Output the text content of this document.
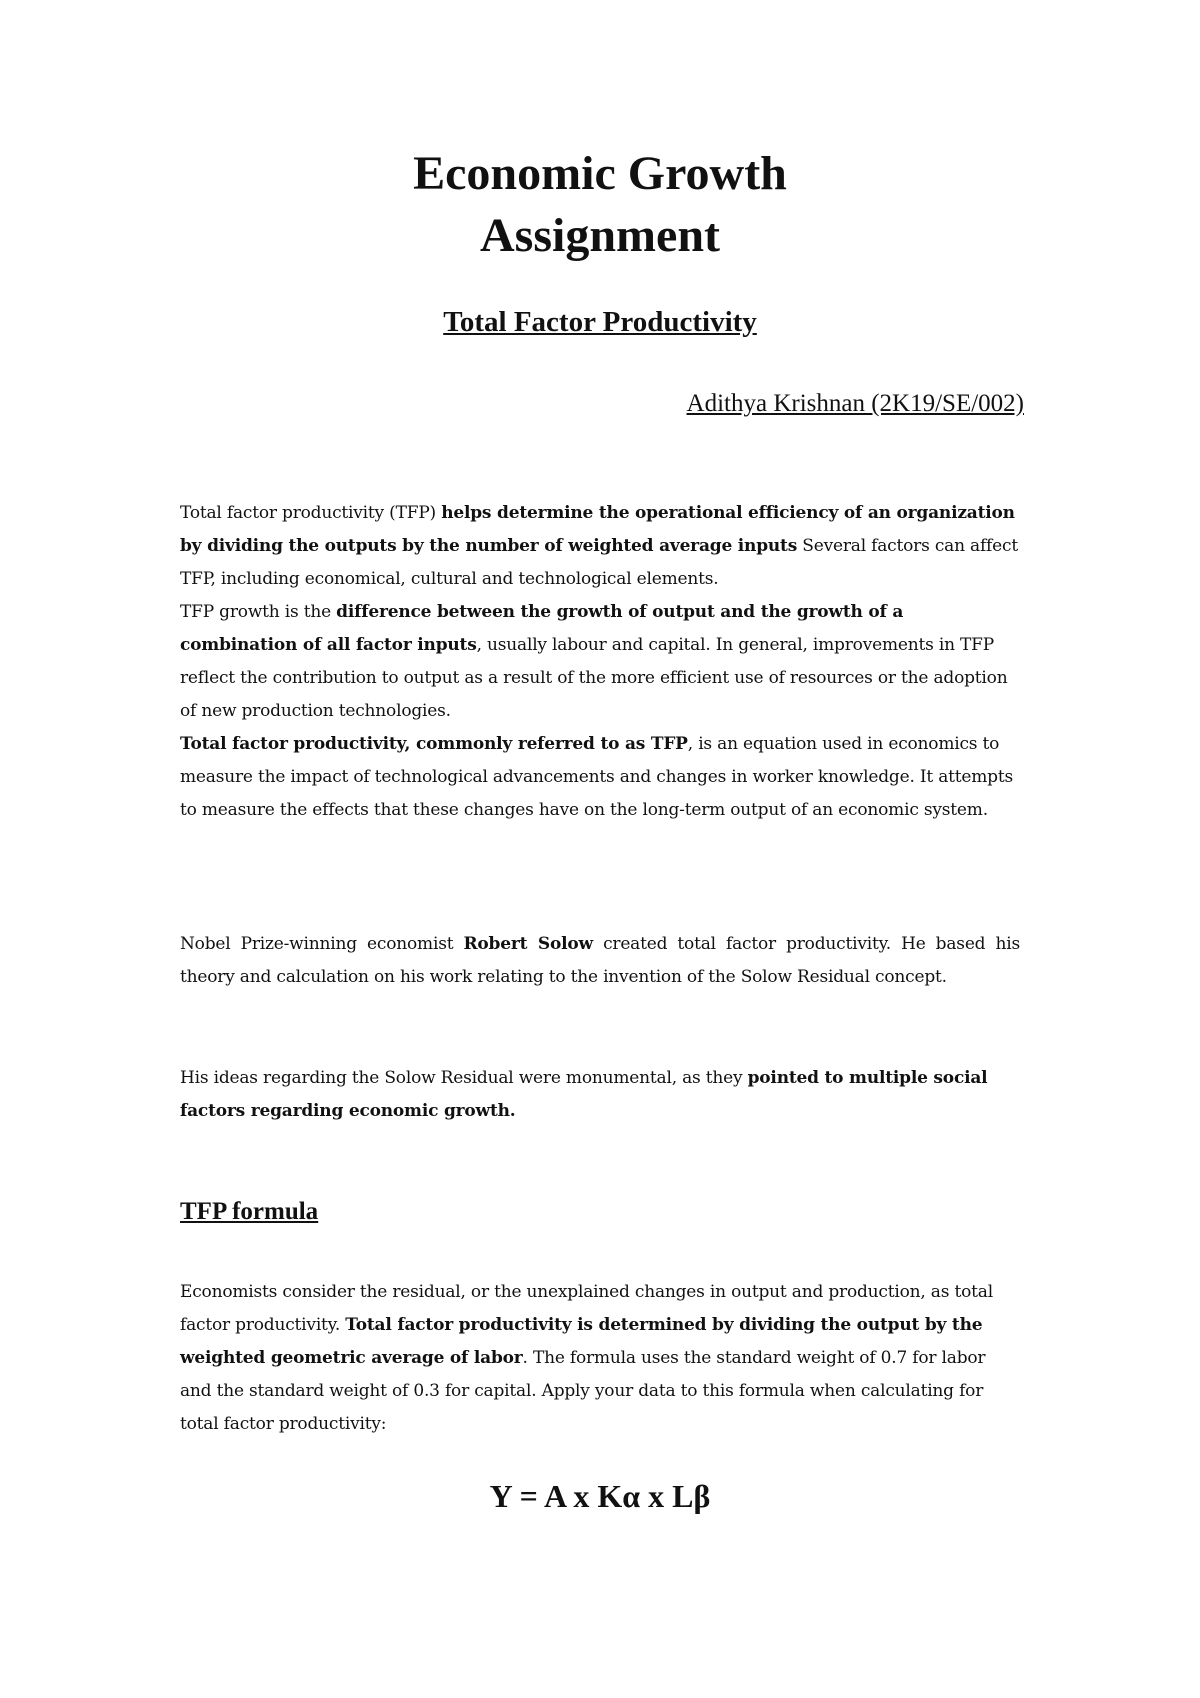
Economic Growth
Assignment
Total Factor Productivity

Adithya Krishnan (2K19/SE/002)

Total factor productivity (TFP) helps determine the operational efficiency of an organization by dividing the outputs by the number of weighted average inputs Several factors can affect TFP, including economical, cultural and technological elements.
TFP growth is the difference between the growth of output and the growth of a combination of all factor inputs, usually labour and capital. In general, improvements in TFP reflect the contribution to output as a result of the more efficient use of resources or the adoption of new production technologies.
Total factor productivity, commonly referred to as TFP, is an equation used in economics to measure the impact of technological advancements and changes in worker knowledge. It attempts to measure the effects that these changes have on the long-term output of an economic system.

Nobel Prize-winning economist Robert Solow created total factor productivity. He based his theory and calculation on his work relating to the invention of the Solow Residual concept.

His ideas regarding the Solow Residual were monumental, as they pointed to multiple social factors regarding economic growth.

TFP formula

Economists consider the residual, or the unexplained changes in output and production, as total factor productivity. Total factor productivity is determined by dividing the output by the weighted geometric average of labor. The formula uses the standard weight of 0.7 for labor and the standard weight of 0.3 for capital. Apply your data to this formula when calculating for total factor productivity:

Y = A x Kα x Lβ
